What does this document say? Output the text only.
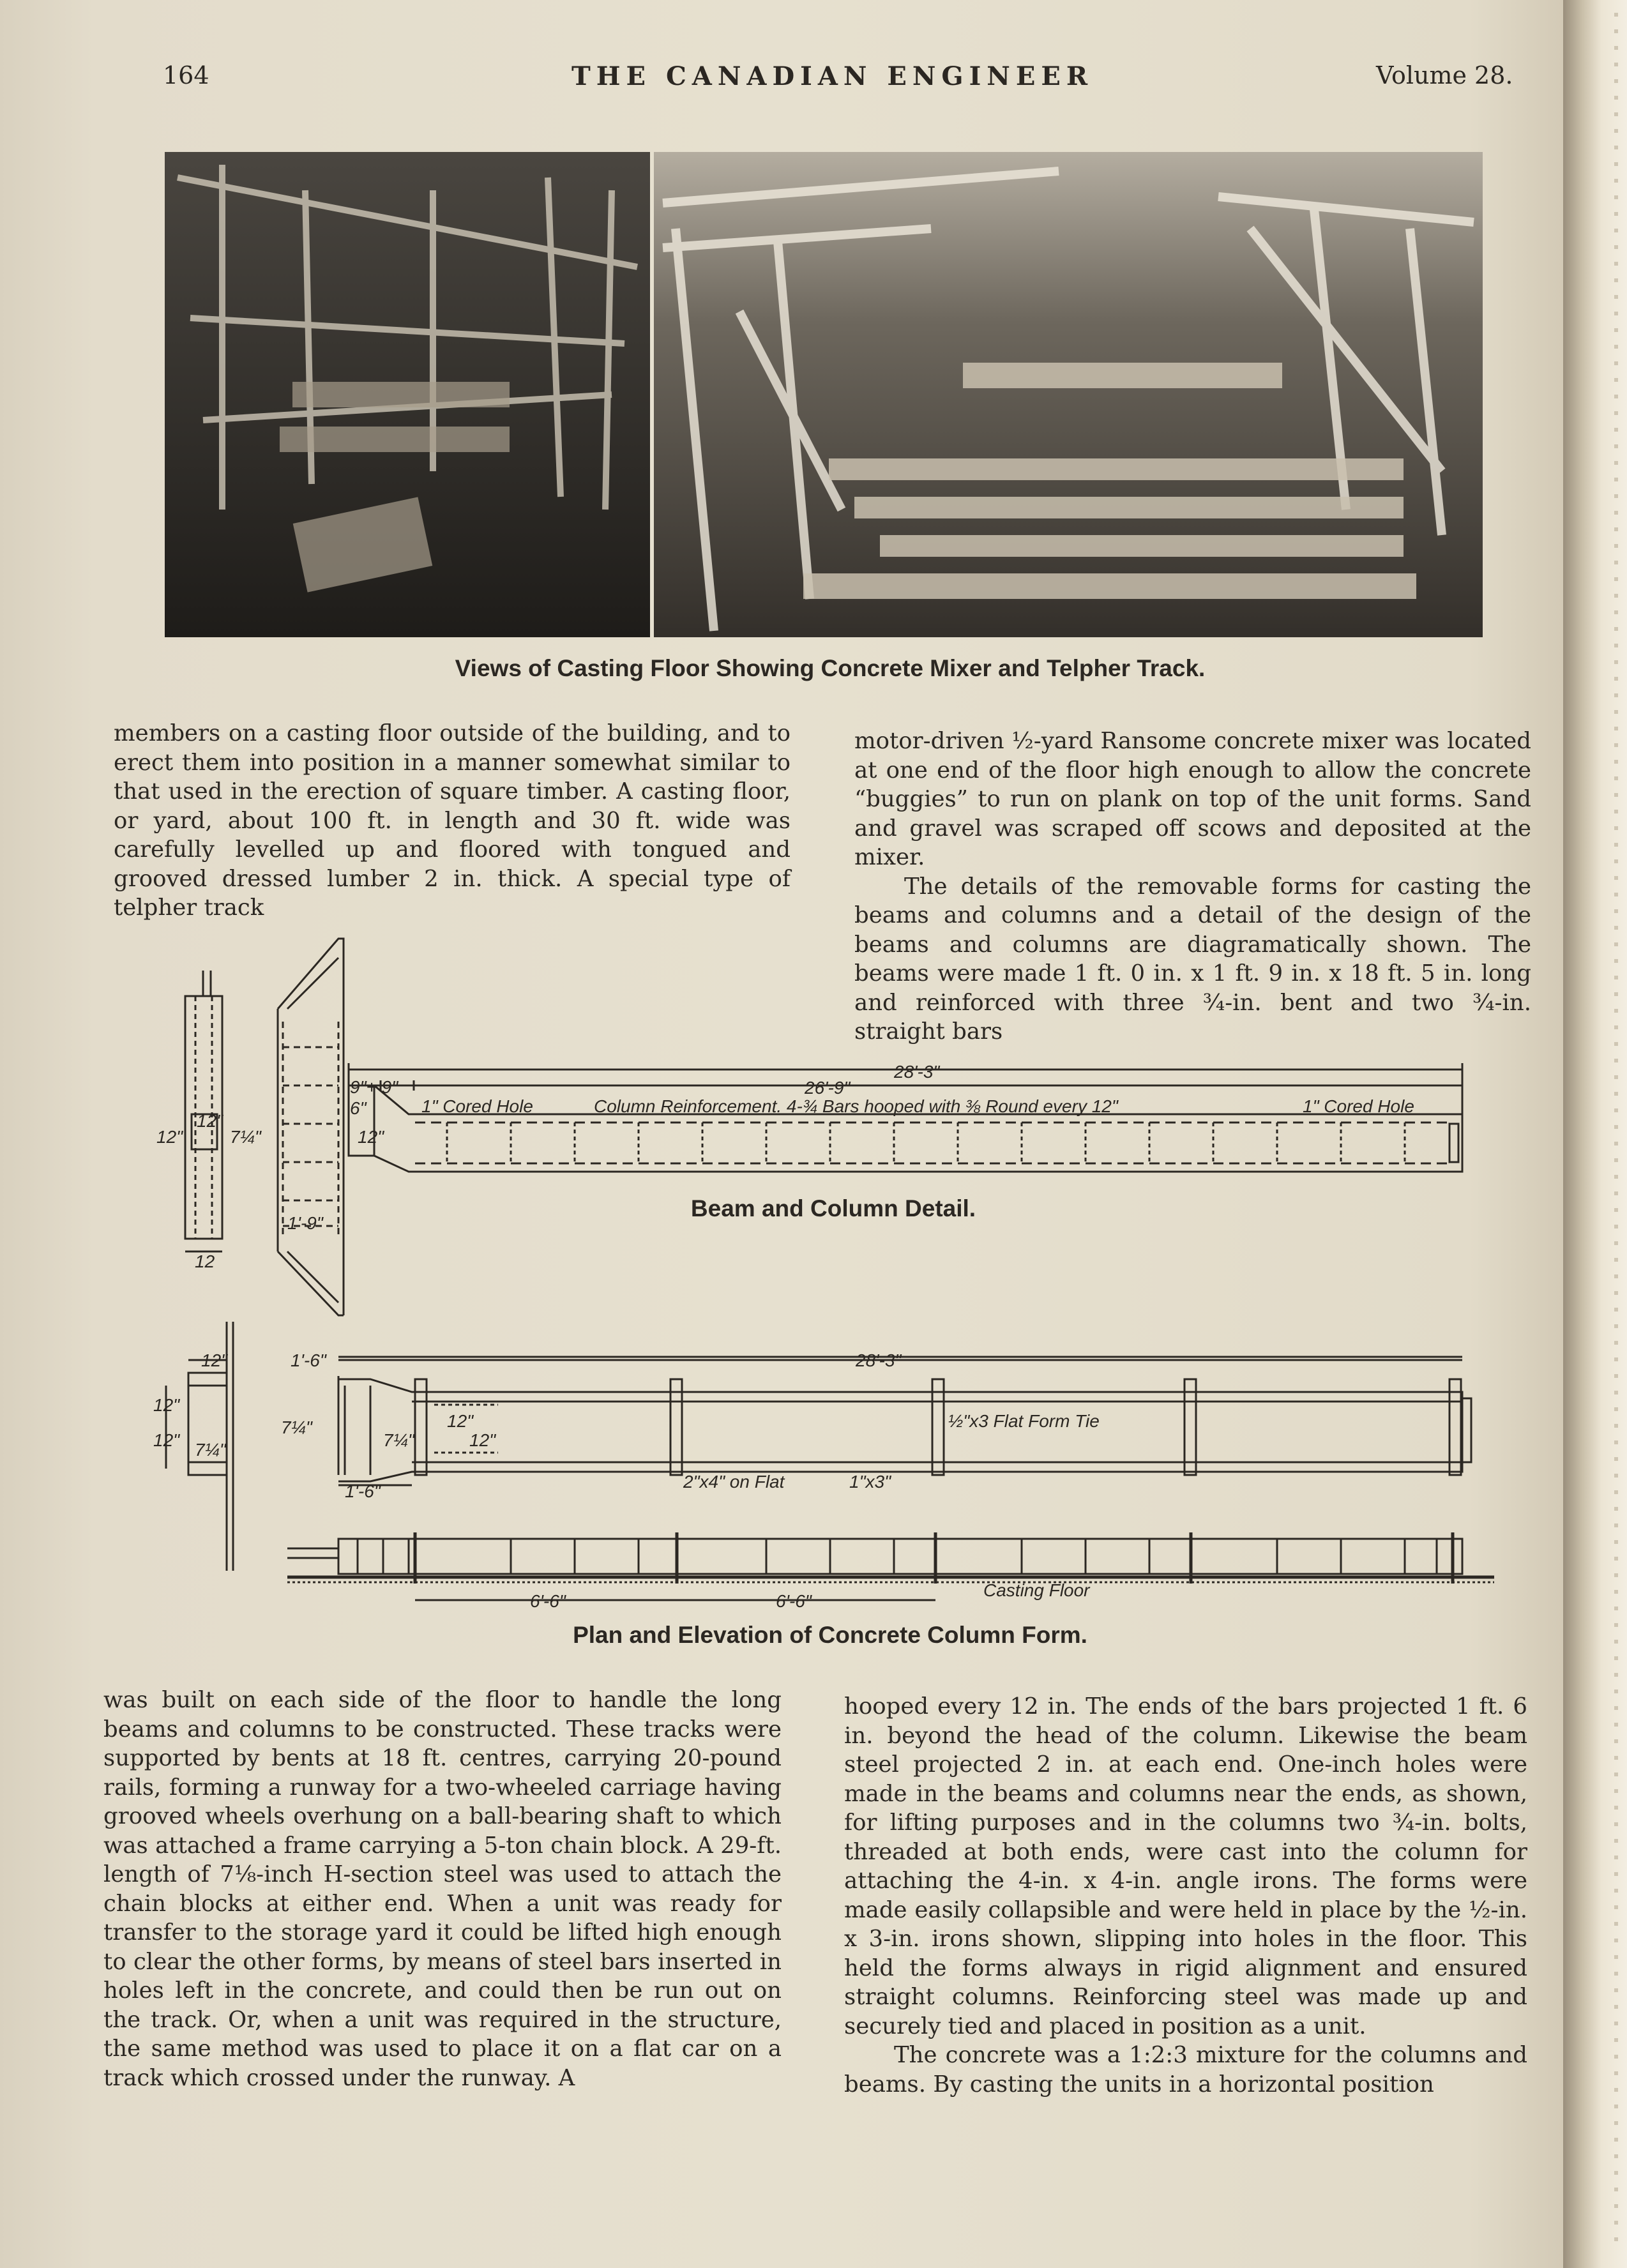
164	THE CANADIAN ENGINEER	Volume 28.
Views of Casting Floor Showing Concrete Mixer and Telpher Track.

members on a casting floor outside of the building, and to erect them into position in a manner somewhat similar to that used in the erection of square timber. A casting floor, or yard, about 100 ft. in length and 30 ft. wide was carefully levelled up and floored with tongued and grooved dressed lumber 2 in. thick. A special type of telpher track

motor-driven ½-yard Ransome concrete mixer was located at one end of the floor high enough to allow the concrete “buggies” to run on plank on top of the unit forms. Sand and gravel was scraped off scows and deposited at the mixer.

The details of the removable forms for casting the beams and columns and a detail of the design of the beams and columns are diagramatically shown. The beams were made 1 ft. 0 in. x 1 ft. 9 in. x 18 ft. 5 in. long and reinforced with three ¾-in. bent and two ¾-in. straight bars

28'-3"
26'-9"
9"+ 9"
1" Cored Hole	Column Reinforcement. 4-¾ Bars hooped with ⅜ Round every 12"	1" Cored Hole
1'-9"
12
12"	7¼"
6"
12"
12"
28'-3"
1'-6"
1'-6"
12"
12"
12" 7¼"
7¼"	12"
12"
7¼"
½"x3 Flat Form Tie
2"x4" on Flat	1"x3"
6'-6"	6'-6"
Casting Floor
Beam and Column Detail.
Plan and Elevation of Concrete Column Form.

was built on each side of the floor to handle the long beams and columns to be constructed. These tracks were supported by bents at 18 ft. centres, carrying 20-pound rails, forming a runway for a two-wheeled carriage having grooved wheels overhung on a ball-bearing shaft to which was attached a frame carrying a 5-ton chain block. A 29-ft. length of 7⅛-inch H-section steel was used to attach the chain blocks at either end. When a unit was ready for transfer to the storage yard it could be lifted high enough to clear the other forms, by means of steel bars inserted in holes left in the concrete, and could then be run out on the track. Or, when a unit was required in the structure, the same method was used to place it on a flat car on a track which crossed under the runway. A

hooped every 12 in. The ends of the bars projected 1 ft. 6 in. beyond the head of the column. Likewise the beam steel projected 2 in. at each end. One-inch holes were made in the beams and columns near the ends, as shown, for lifting purposes and in the columns two ¾-in. bolts, threaded at both ends, were cast into the column for attaching the 4-in. x 4-in. angle irons. The forms were made easily collapsible and were held in place by the ½-in. x 3-in. irons shown, slipping into holes in the floor. This held the forms always in rigid alignment and ensured straight columns. Reinforcing steel was made up and securely tied and placed in position as a unit.

The concrete was a 1:2:3 mixture for the columns and beams. By casting the units in a horizontal position
